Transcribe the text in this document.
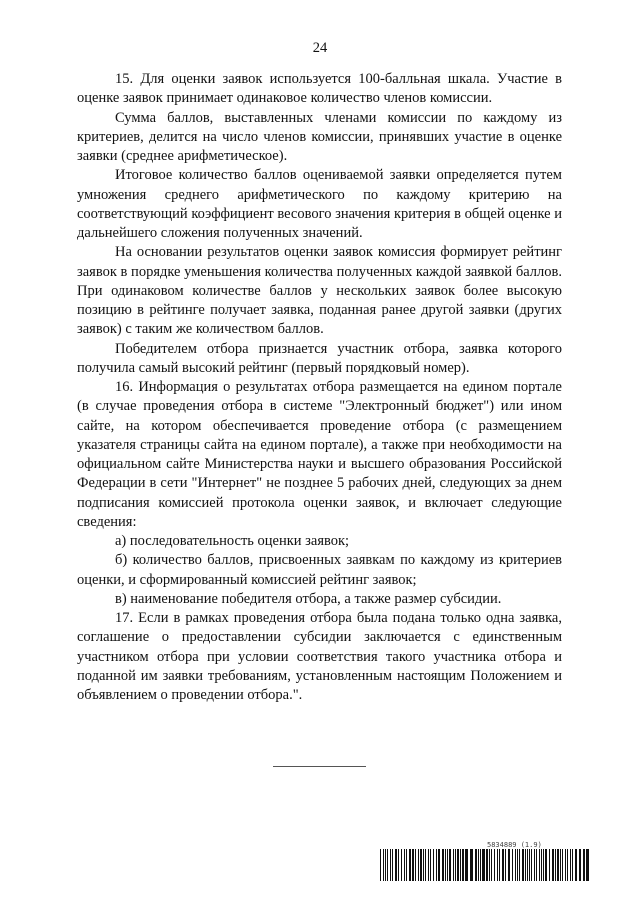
24

15. Для оценки заявок используется 100-балльная шкала. Участие в оценке заявок принимает одинаковое количество членов комиссии.

Сумма баллов, выставленных членами комиссии по каждому из критериев, делится на число членов комиссии, принявших участие в оценке заявки (среднее арифметическое).

Итоговое количество баллов оцениваемой заявки определяется путем умножения среднего арифметического по каждому критерию на соответствующий коэффициент весового значения критерия в общей оценке и дальнейшего сложения полученных значений.

На основании результатов оценки заявок комиссия формирует рейтинг заявок в порядке уменьшения количества полученных каждой заявкой баллов. При одинаковом количестве баллов у нескольких заявок более высокую позицию в рейтинге получает заявка, поданная ранее другой заявки (других заявок) с таким же количеством баллов.

Победителем отбора признается участник отбора, заявка которого получила самый высокий рейтинг (первый порядковый номер).

16. Информация о результатах отбора размещается на едином портале (в случае проведения отбора в системе "Электронный бюджет") или ином сайте, на котором обеспечивается проведение отбора (с размещением указателя страницы сайта на едином портале), а также при необходимости на официальном сайте Министерства науки и высшего образования Российской Федерации в сети "Интернет" не позднее 5 рабочих дней, следующих за днем подписания комиссией протокола оценки заявок, и включает следующие сведения:

а) последовательность оценки заявок;

б) количество баллов, присвоенных заявкам по каждому из критериев оценки, и сформированный комиссией рейтинг заявок;

в) наименование победителя отбора, а также размер субсидии.

17. Если в рамках проведения отбора была подана только одна заявка, соглашение о предоставлении субсидии заключается с единственным участником отбора при условии соответствия такого участника отбора и поданной им заявки требованиям, установленным настоящим Положением и объявлением о проведении отбора.".

5834889 (1.9)
